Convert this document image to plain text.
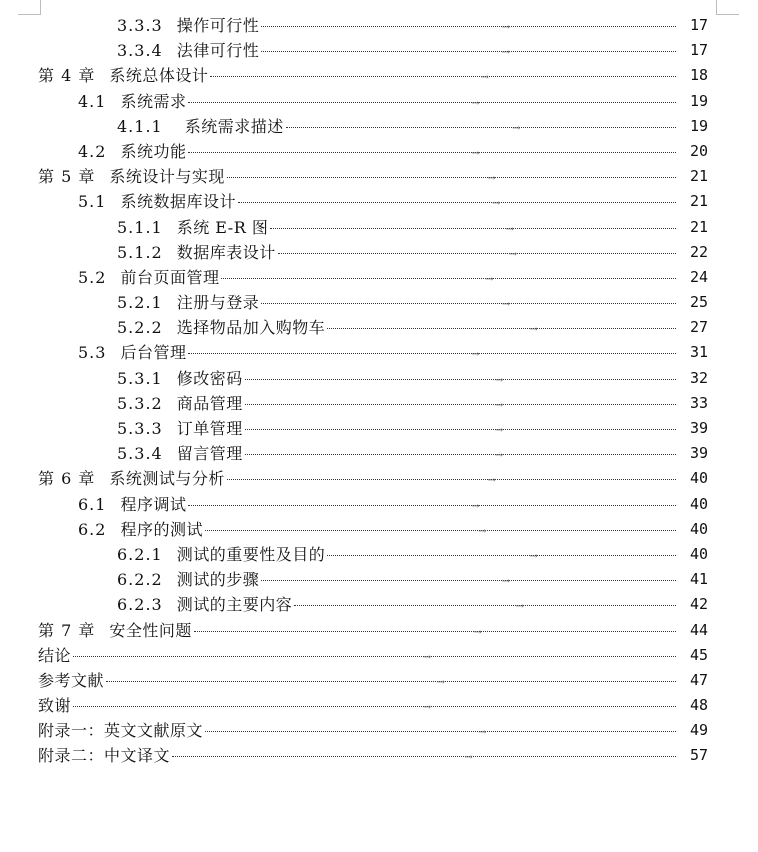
3.3.3 操作可行性	→	17
3.3.4 法律可行性	→	17
第 4 章 系统总体设计	→	18
4.1 系统需求	→	19
4.1.1 系统需求描述	→	19
4.2 系统功能	→	20
第 5 章 系统设计与实现	→	21
5.1 系统数据库设计	→	21
5.1.1 系统 E-R 图	→	21
5.1.2 数据库表设计	→	22
5.2 前台页面管理	→	24
5.2.1 注册与登录	→	25
5.2.2 选择物品加入购物车	→	27
5.3 后台管理	→	31
5.3.1 修改密码	→	32
5.3.2 商品管理	→	33
5.3.3 订单管理	→	39
5.3.4 留言管理	→	39
第 6 章 系统测试与分析	→	40
6.1 程序调试	→	40
6.2 程序的测试	→	40
6.2.1 测试的重要性及目的	→	40
6.2.2 测试的步骤	→	41
6.2.3 测试的主要内容	→	42
第 7 章 安全性问题	→	44
结论	→	45
参考文献	→	47
致谢	→	48
附录一：英文文献原文	→	49
附录二：中文译文	→	57
